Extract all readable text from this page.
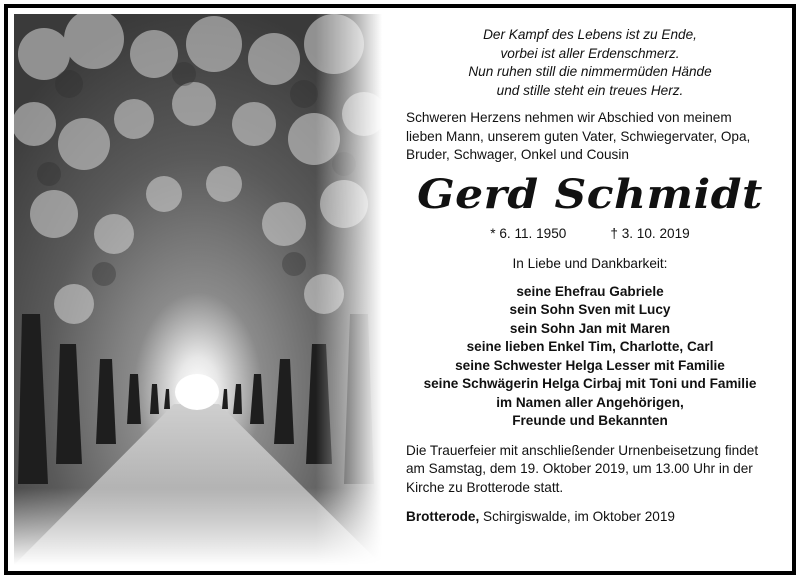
Der Kampf des Lebens ist zu Ende,
vorbei ist aller Erdenschmerz.
Nun ruhen still die nimmermüden Hände
und stille steht ein treues Herz.
Schweren Herzens nehmen wir Abschied von meinem
lieben Mann, unserem guten Vater, Schwiegervater, Opa,
Bruder, Schwager, Onkel und Cousin
Gerd Schmidt
* 6. 11. 1950	† 3. 10. 2019
In Liebe und Dankbarkeit:
seine Ehefrau Gabriele
sein Sohn Sven mit Lucy
sein Sohn Jan mit Maren
seine lieben Enkel Tim, Charlotte, Carl
seine Schwester Helga Lesser mit Familie
seine Schwägerin Helga Cirbaj mit Toni und Familie
im Namen aller Angehörigen,
Freunde und Bekannten
Die Trauerfeier mit anschließender Urnenbeisetzung findet
am Samstag, dem 19. Oktober 2019, um 13.00 Uhr in der
Kirche zu Brotterode statt.
Brotterode, Schirgiswalde, im Oktober 2019
